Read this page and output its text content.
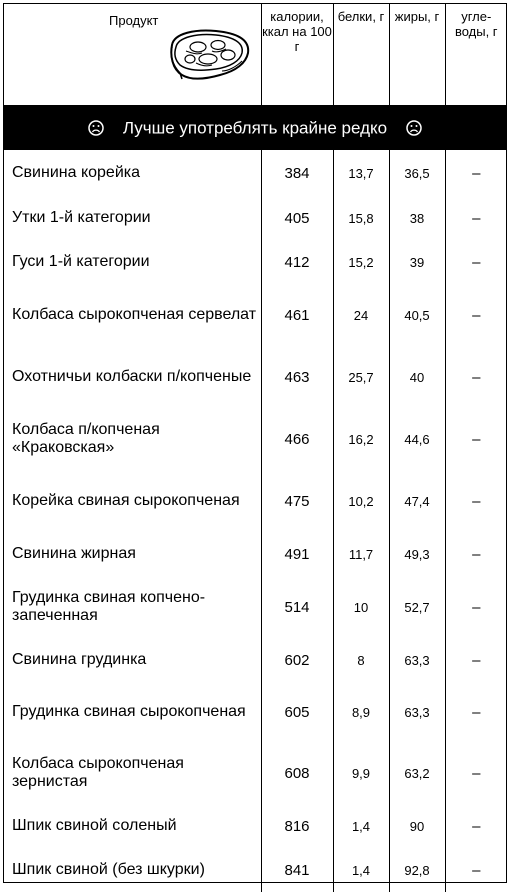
Продукт	калории, ккал на 100 г	белки, г	жиры, г	угле-воды, г
Лучше употреблять крайне редко				
Свинина корейка	384	13,7	36,5	–
Утки 1-й категории	405	15,8	38	–
Гуси 1-й категории	412	15,2	39	–
Колбаса сырокопченая сервелат	461	24	40,5	–
Охотничьи колбаски п/копченые	463	25,7	40	–
Колбаса п/копченая «Краковская»	466	16,2	44,6	–
Корейка свиная сырокопченая	475	10,2	47,4	–
Свинина жирная	491	11,7	49,3	–
Грудинка свиная копчено-запеченная	514	10	52,7	–
Свинина грудинка	602	8	63,3	–
Грудинка свиная сырокопченая	605	8,9	63,3	–
Колбаса сырокопченая зернистая	608	9,9	63,2	–
Шпик свиной соленый	816	1,4	90	–
Шпик свиной (без шкурки)	841	1,4	92,8	–
